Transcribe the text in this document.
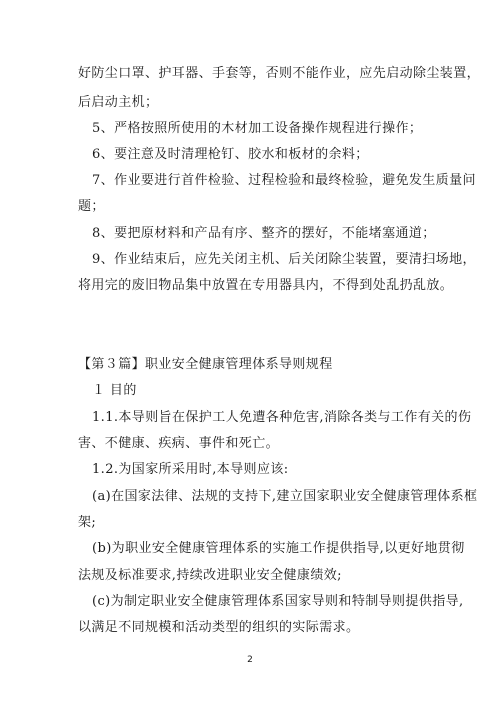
好防尘口罩、护耳器、手套等，否则不能作业，应先启动除尘装置，
后启动主机；
5、严格按照所使用的木材加工设备操作规程进行操作；
6、要注意及时清理枪钉、胶水和板材的余料；
7、作业要进行首件检验、过程检验和最终检验，避免发生质量问
题；
8、要把原材料和产品有序、整齐的摆好，不能堵塞通道；
9、作业结束后，应先关闭主机、后关闭除尘装置，要清扫场地，
将用完的废旧物品集中放置在专用器具内，不得到处乱扔乱放。
【第３篇】职业安全健康管理体系导则规程
１ 目的
1.1.本导则旨在保护工人免遭各种危害,消除各类与工作有关的伤
害、不健康、疾病、事件和死亡。
1.2.为国家所采用时,本导则应该:
(a)在国家法律、法规的支持下,建立国家职业安全健康管理体系框
架;
(b)为职业安全健康管理体系的实施工作提供指导,以更好地贯彻
法规及标准要求,持续改进职业安全健康绩效;
(c)为制定职业安全健康管理体系国家导则和特制导则提供指导,
以满足不同规模和活动类型的组织的实际需求。
2
